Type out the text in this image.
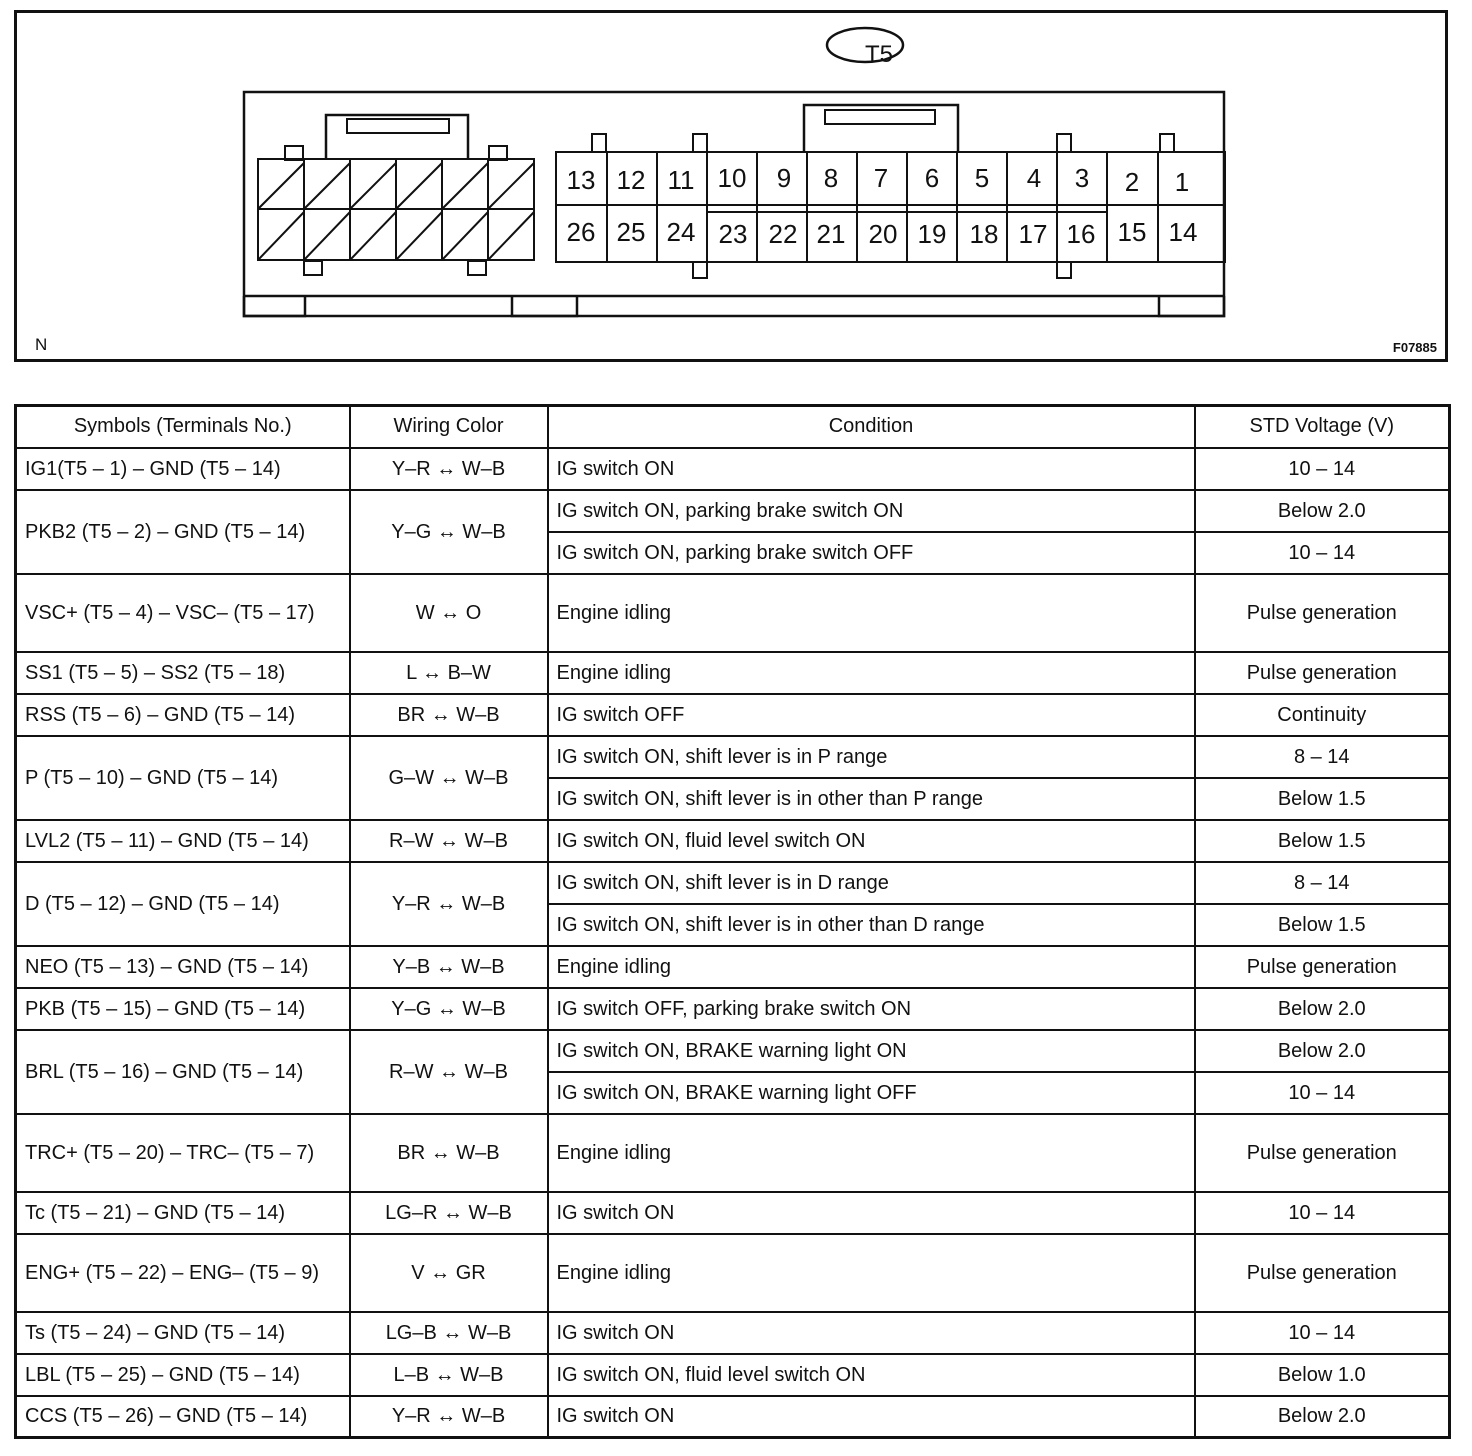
13 12 11 10 9 8 7 6 5 4 3 2 1
26 25 24 23 22 21 20 19 18 17 16 15 14
T5
N	F07885
Symbols (Terminals No.)	Wiring Color	Condition	STD Voltage (V)
IG1(T5 – 1) – GND (T5 – 14)	Y–R ↔ W–B	IG switch ON	10 – 14
PKB2 (T5 – 2) – GND (T5 – 14)	Y–G ↔ W–B	IG switch ON, parking brake switch ON	Below 2.0
		IG switch ON, parking brake switch OFF	10 – 14
VSC+ (T5 – 4) – VSC– (T5 – 17)	W ↔ O	Engine idling	Pulse generation
SS1 (T5 – 5) – SS2 (T5 – 18)	L ↔ B–W	Engine idling	Pulse generation
RSS (T5 – 6) – GND (T5 – 14)	BR ↔ W–B	IG switch OFF	Continuity
P (T5 – 10) – GND (T5 – 14)	G–W ↔ W–B	IG switch ON, shift lever is in P range	8 – 14
		IG switch ON, shift lever is in other than P range	Below 1.5
LVL2 (T5 – 11) – GND (T5 – 14)	R–W ↔ W–B	IG switch ON, fluid level switch ON	Below 1.5
D (T5 – 12) – GND (T5 – 14)	Y–R ↔ W–B	IG switch ON, shift lever is in D range	8 – 14
		IG switch ON, shift lever is in other than D range	Below 1.5
NEO (T5 – 13) – GND (T5 – 14)	Y–B ↔ W–B	Engine idling	Pulse generation
PKB (T5 – 15) – GND (T5 – 14)	Y–G ↔ W–B	IG switch OFF, parking brake switch ON	Below 2.0
BRL (T5 – 16) – GND (T5 – 14)	R–W ↔ W–B	IG switch ON, BRAKE warning light ON	Below 2.0
		IG switch ON, BRAKE warning light OFF	10 – 14
TRC+ (T5 – 20) – TRC– (T5 – 7)	BR ↔ W–B	Engine idling	Pulse generation
Tc (T5 – 21) – GND (T5 – 14)	LG–R ↔ W–B	IG switch ON	10 – 14
ENG+ (T5 – 22) – ENG– (T5 – 9)	V ↔ GR	Engine idling	Pulse generation
Ts (T5 – 24) – GND (T5 – 14)	LG–B ↔ W–B	IG switch ON	10 – 14
LBL (T5 – 25) – GND (T5 – 14)	L–B ↔ W–B	IG switch ON, fluid level switch ON	Below 1.0
CCS (T5 – 26) – GND (T5 – 14)	Y–R ↔ W–B	IG switch ON	Below 2.0
